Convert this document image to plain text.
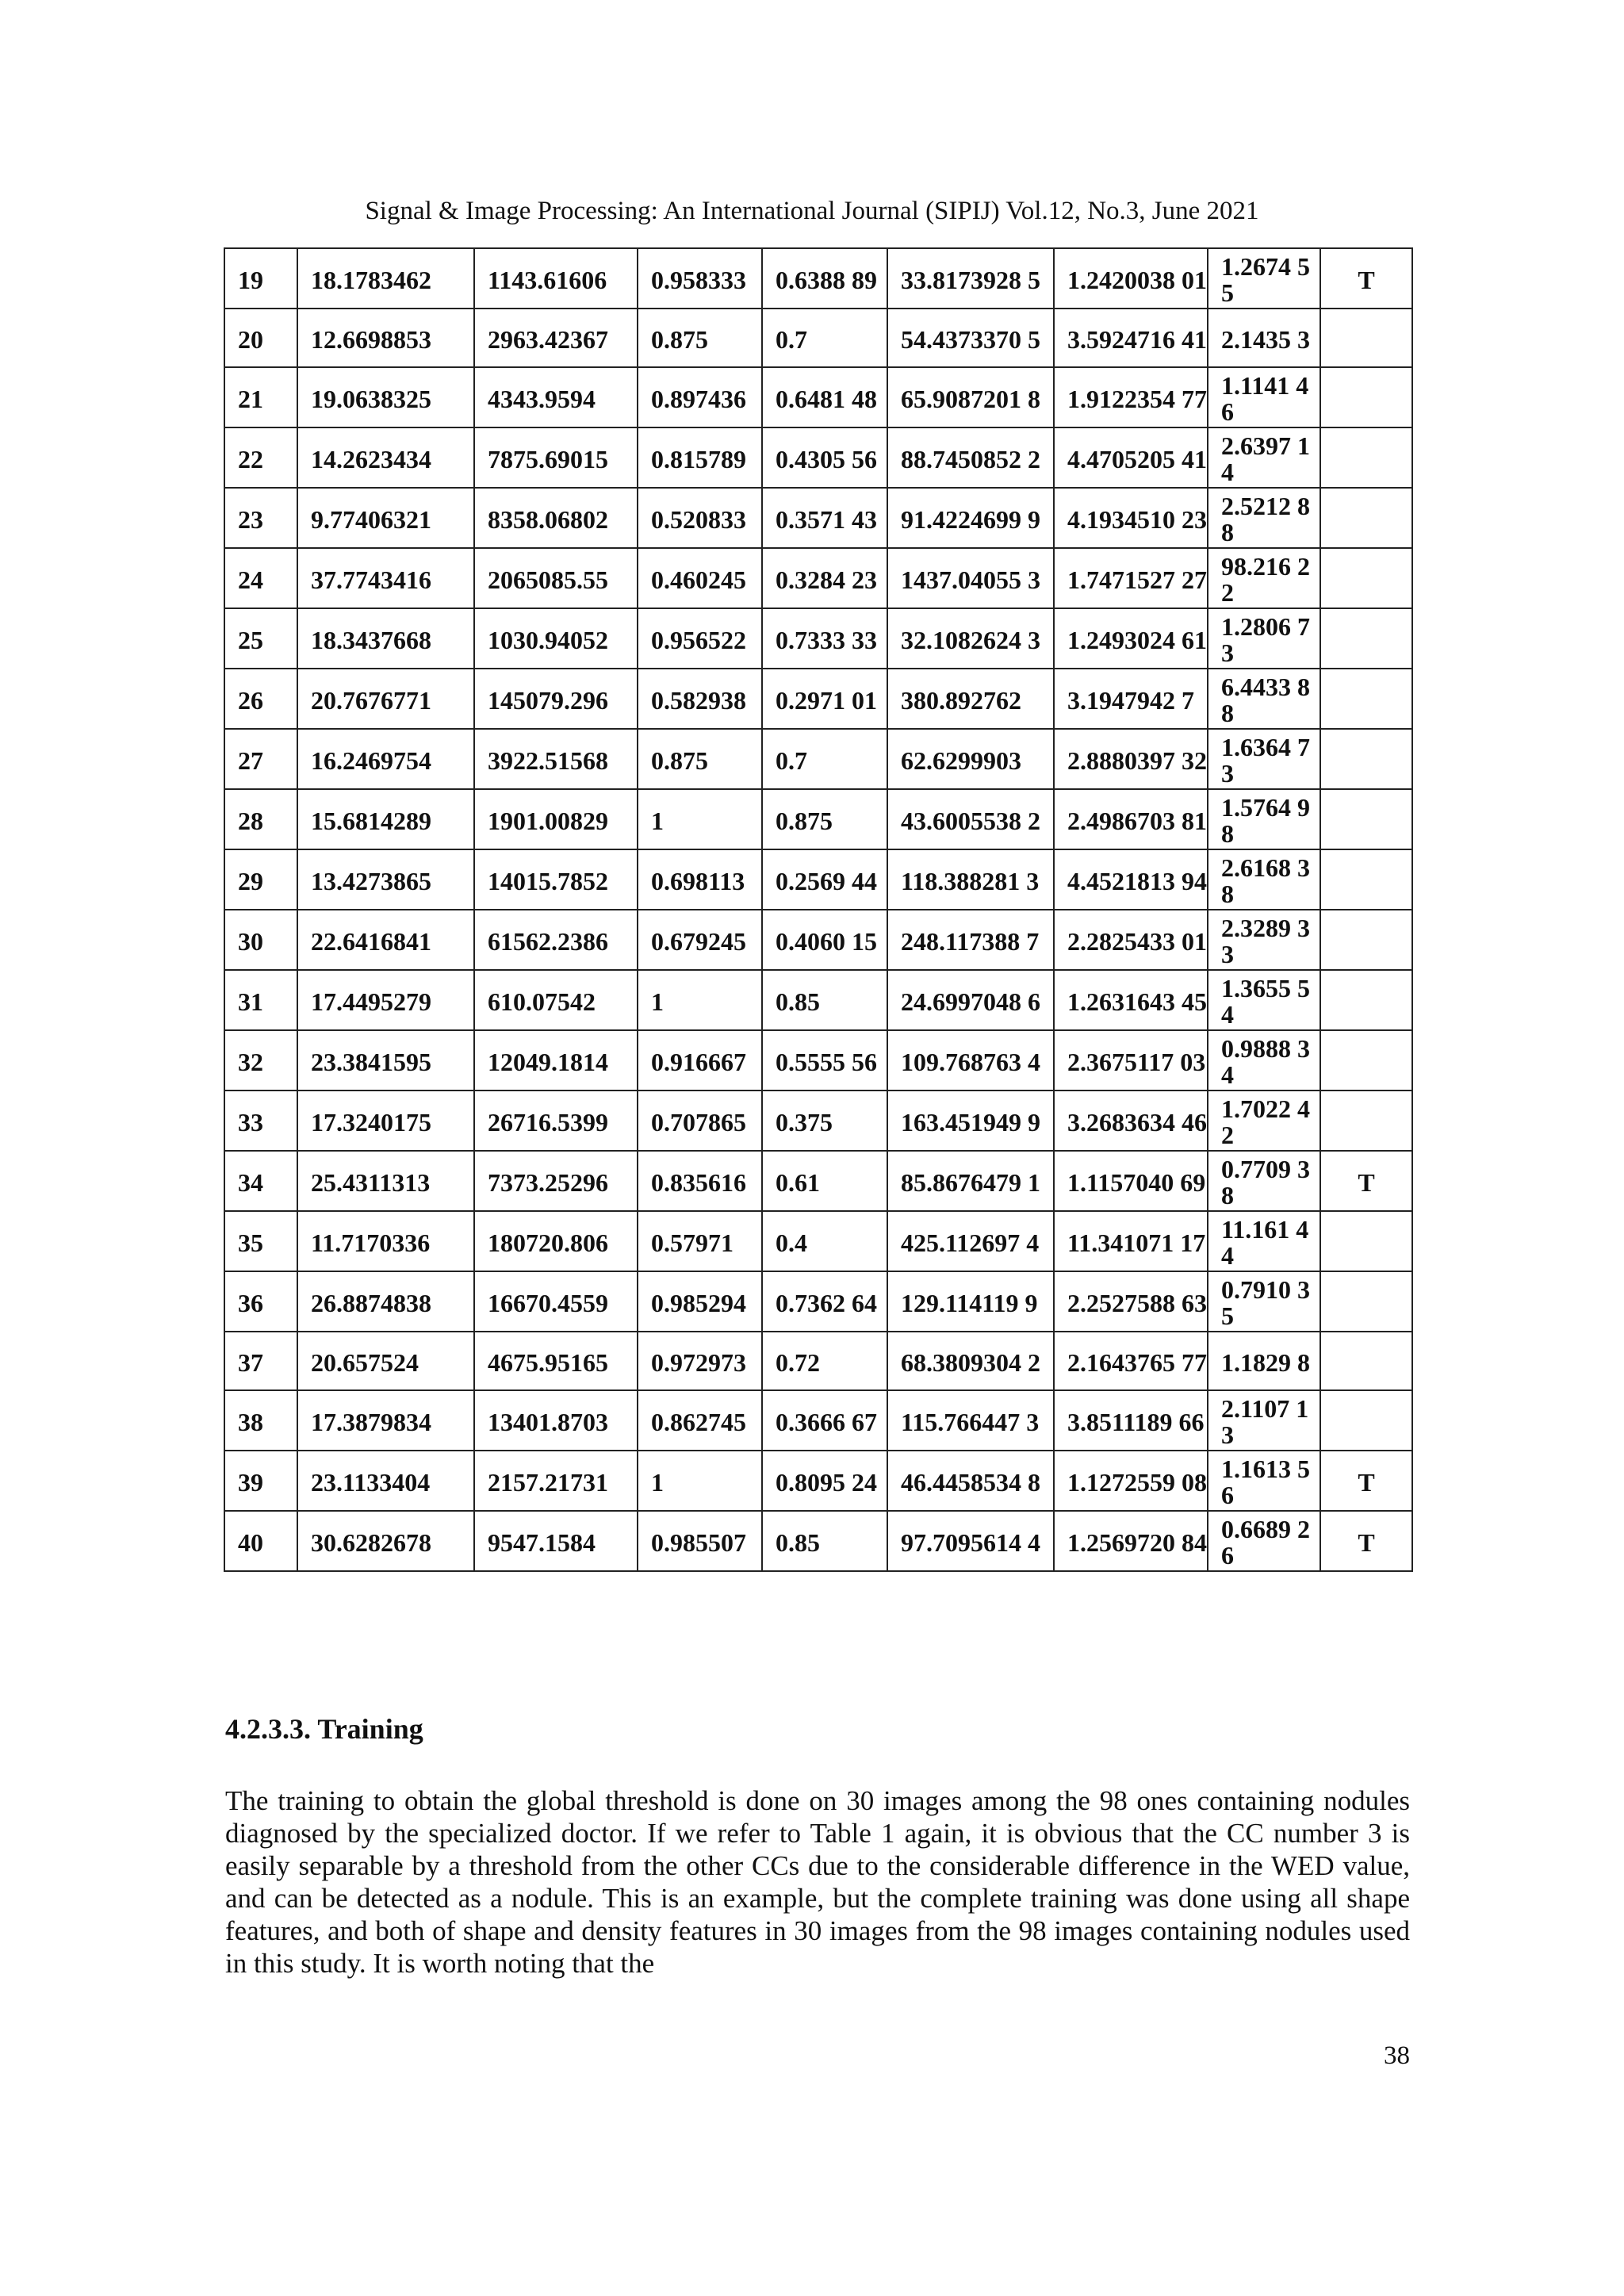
Signal & Image Processing: An International Journal (SIPIJ) Vol.12, No.3, June 2021
19	18.1783462	1143.61606	0.958333	0.6388 89	33.8173928 5	1.2420038 01	1.2674 55	T
20	12.6698853	2963.42367	0.875	0.7	54.4373370 5	3.5924716 41	2.1435 3	
21	19.0638325	4343.9594	0.897436	0.6481 48	65.9087201 8	1.9122354 77	1.1141 46	
22	14.2623434	7875.69015	0.815789	0.4305 56	88.7450852 2	4.4705205 41	2.6397 14	
23	9.77406321	8358.06802	0.520833	0.3571 43	91.4224699 9	4.1934510 23	2.5212 88	
24	37.7743416	2065085.55	0.460245	0.3284 23	1437.04055 3	1.7471527 27	98.216 22	
25	18.3437668	1030.94052	0.956522	0.7333 33	32.1082624 3	1.2493024 61	1.2806 73	
26	20.7676771	145079.296	0.582938	0.2971 01	380.892762	3.1947942 7	6.4433 88	
27	16.2469754	3922.51568	0.875	0.7	62.6299903	2.8880397 32	1.6364 73	
28	15.6814289	1901.00829	1	0.875	43.6005538 2	2.4986703 81	1.5764 98	
29	13.4273865	14015.7852	0.698113	0.2569 44	118.388281 3	4.4521813 94	2.6168 38	
30	22.6416841	61562.2386	0.679245	0.4060 15	248.117388 7	2.2825433 01	2.3289 33	
31	17.4495279	610.07542	1	0.85	24.6997048 6	1.2631643 45	1.3655 54	
32	23.3841595	12049.1814	0.916667	0.5555 56	109.768763 4	2.3675117 03	0.9888 34	
33	17.3240175	26716.5399	0.707865	0.375	163.451949 9	3.2683634 46	1.7022 42	
34	25.4311313	7373.25296	0.835616	0.61	85.8676479 1	1.1157040 69	0.7709 38	T
35	11.7170336	180720.806	0.57971	0.4	425.112697 4	11.341071 17	11.161 44	
36	26.8874838	16670.4559	0.985294	0.7362 64	129.114119 9	2.2527588 63	0.7910 35	
37	20.657524	4675.95165	0.972973	0.72	68.3809304 2	2.1643765 77	1.1829 8	
38	17.3879834	13401.8703	0.862745	0.3666 67	115.766447 3	3.8511189 66	2.1107 13	
39	23.1133404	2157.21731	1	0.8095 24	46.4458534 8	1.1272559 08	1.1613 56	T
40	30.6282678	9547.1584	0.985507	0.85	97.7095614 4	1.2569720 84	0.6689 26	T
4.2.3.3. Training
The training to obtain the global threshold is done on 30 images among the 98 ones containing nodules diagnosed by the specialized doctor. If we refer to Table 1 again, it is obvious that the CC number 3 is easily separable by a threshold from the other CCs due to the considerable difference in the WED value, and can be detected as a nodule. This is an example, but the complete training was done using all shape features, and both of shape and density features in 30 images from the 98 images containing nodules used in this study. It is worth noting that the
38
